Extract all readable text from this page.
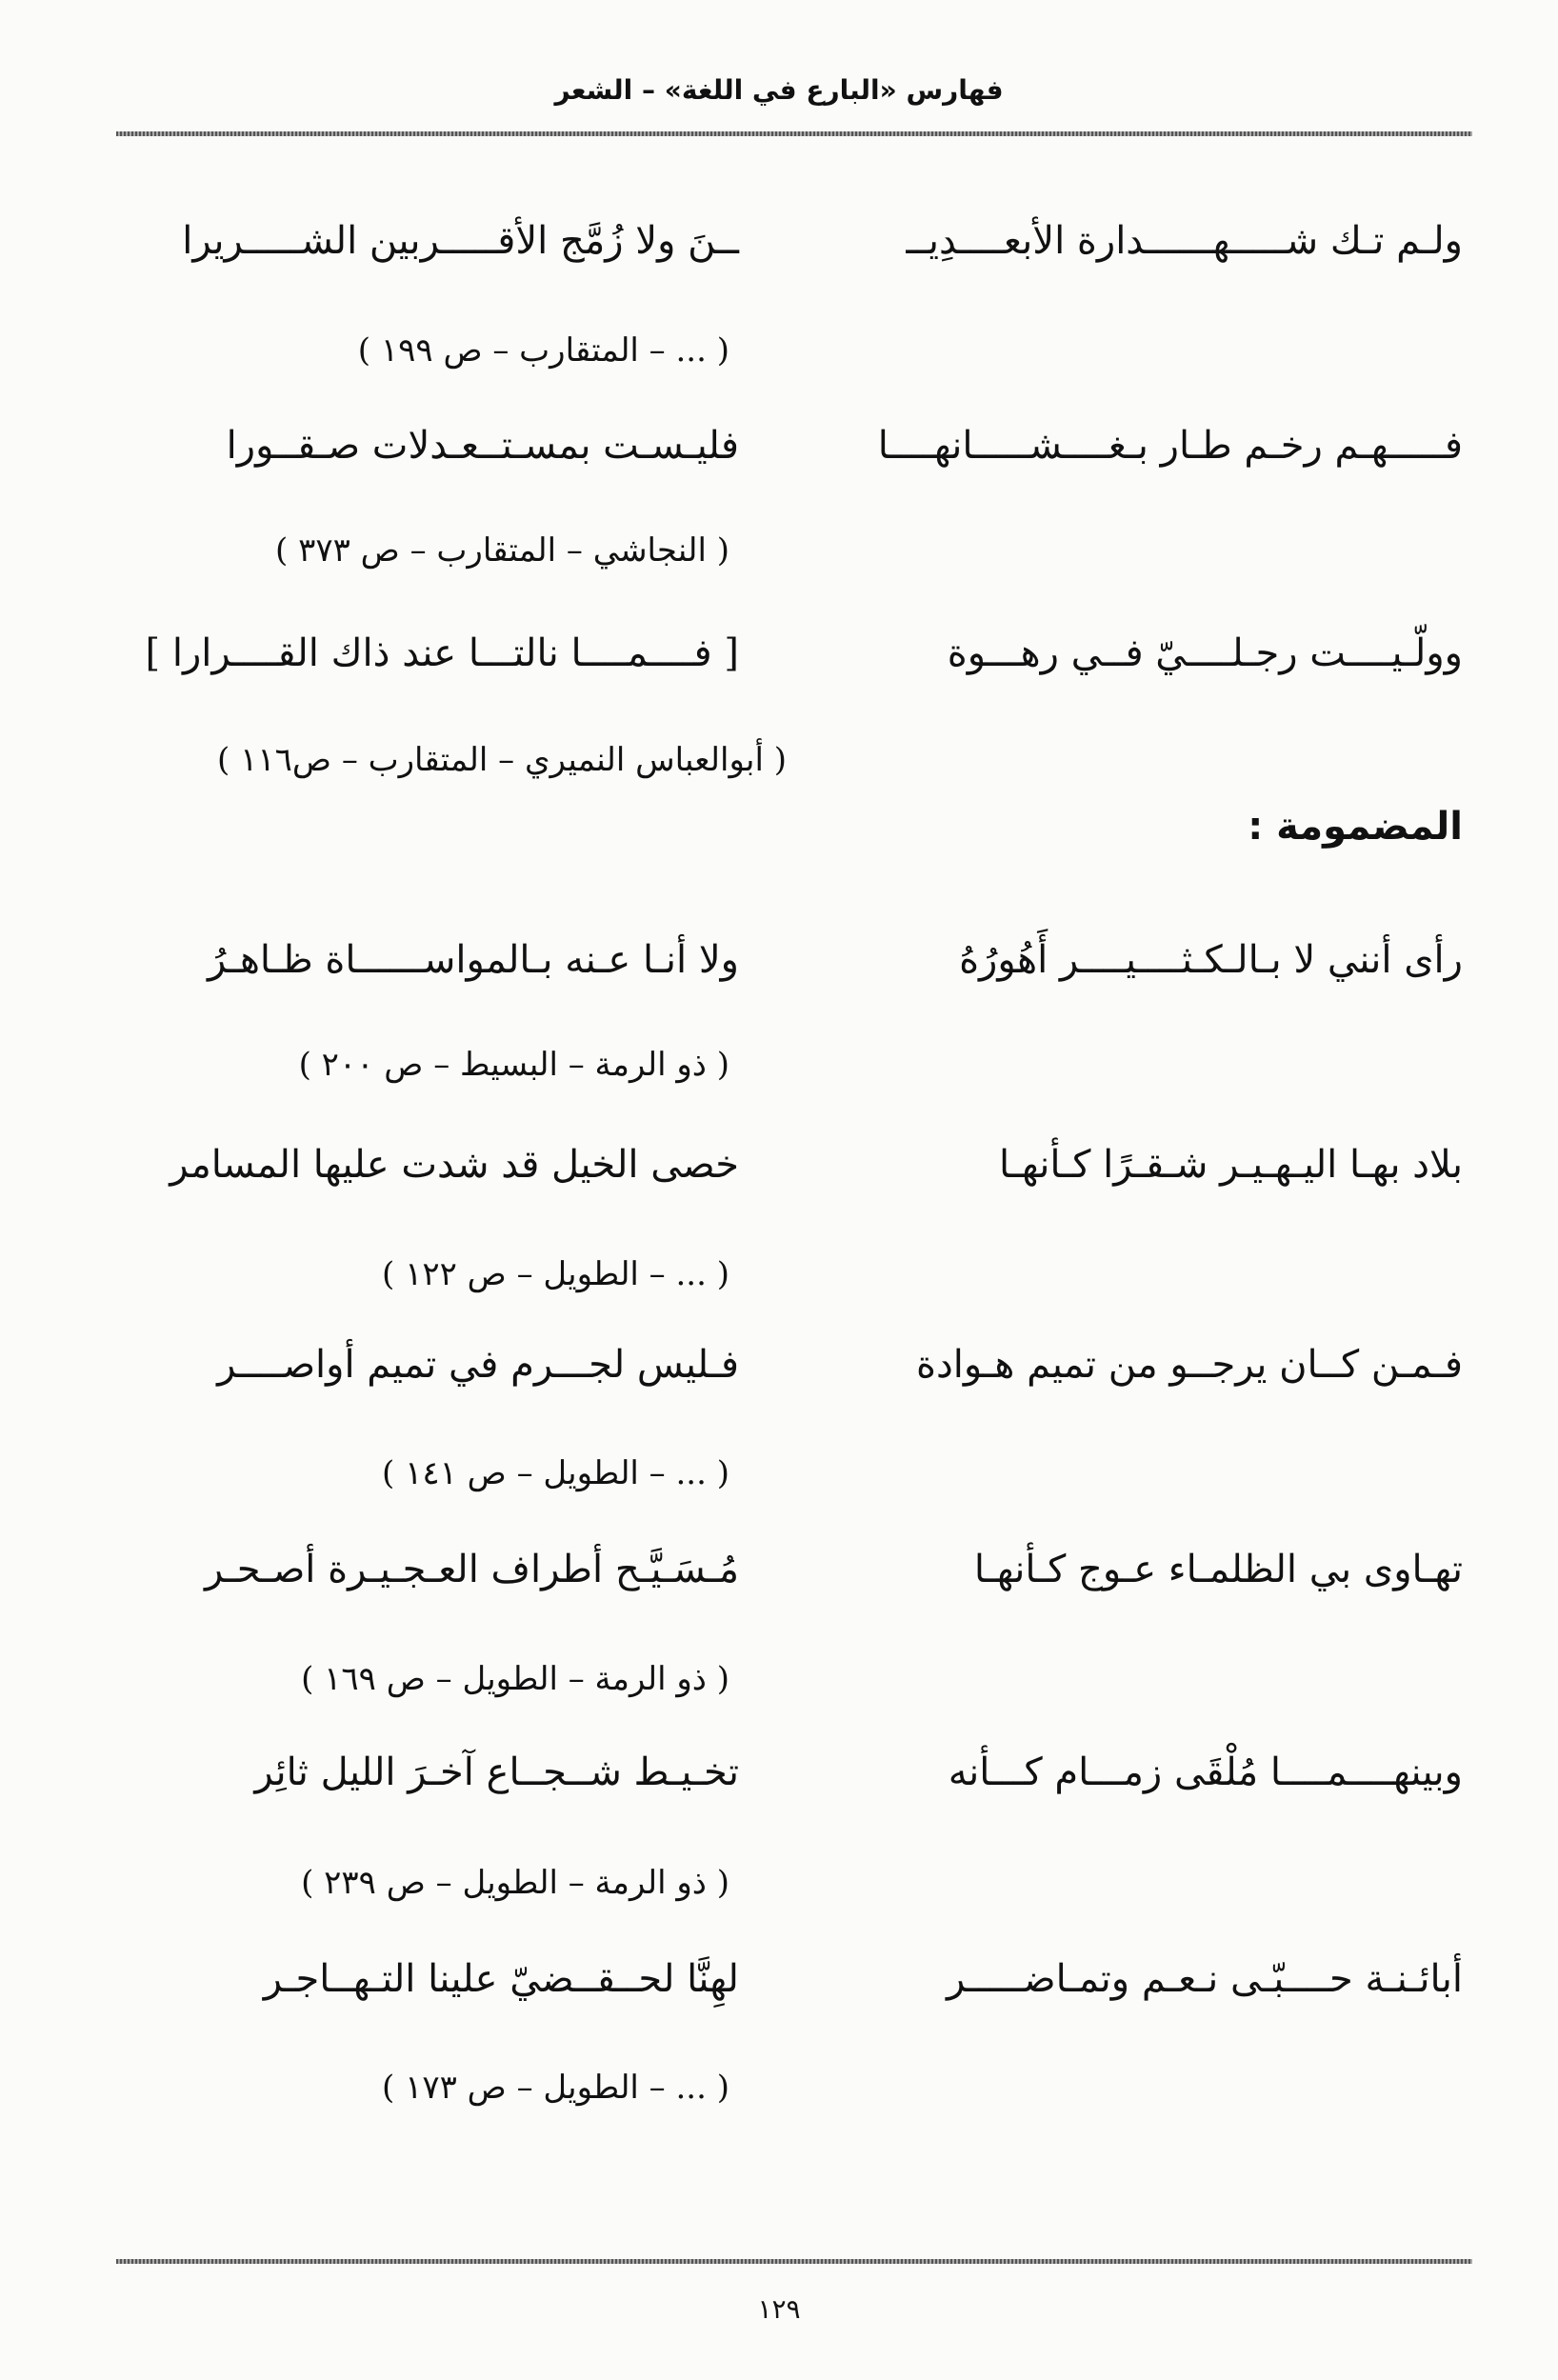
فهارس «البارع في اللغة» – الشعر
ولـم تـك شـــــهــــــدارة الأبعــــدِيــ
ــنَ ولا زُمَّج الأقـــــربين الشـــــريرا
( ... – المتقارب – ص ١٩٩ )
فـــــهـم رخـم طـار بـغــــشـــــانهــــا
فليـسـت بمسـتــعـدلات صـقــورا
( النجاشي – المتقارب – ص ٣٧٣ )
وولّـيــــت رجـلــــيّ فــي رهـــوة
[ فــــمــــا نالتـــا عند ذاك القــــرارا ]
( أبوالعباس النميري – المتقارب – ص١١٦ )
المضمومة :
رأى أنني لا بـالـكـثــــيــــر أَهُورُهُ
ولا أنـا عـنه بـالمواســــــاة ظـاهـرُ
( ذو الرمة – البسيط – ص ٢٠٠ )
بلاد بهـا اليـهـيـر شـقـرًا كـأنهـا
خصى الخيل قد شدت عليها المسامر
( ... – الطويل – ص ١٢٢ )
فـمـن كــان يرجــو من تميم هـوادة
فـليس لجـــرم في تميم أواصــــر
( ... – الطويل – ص ١٤١ )
تهـاوى بي الظلمـاء عـوج كـأنهـا
مُـسَـيَّـح أطراف العـجـيـرة أصـحـر
( ذو الرمة – الطويل – ص ١٦٩ )
وبينهــــمــــا مُلْقَى زمـــام كـــأنه
تخـيـط شــجــاع آخـرَ الليل ثائِر
( ذو الرمة – الطويل – ص ٢٣٩ )
أبائـنـة حــــبّـى نـعـم وتمـاضـــــر
لهِنَّا لحــقــضيّ علينا التـهــاجـر
( ... – الطويل – ص ١٧٣ )
١٢٩
